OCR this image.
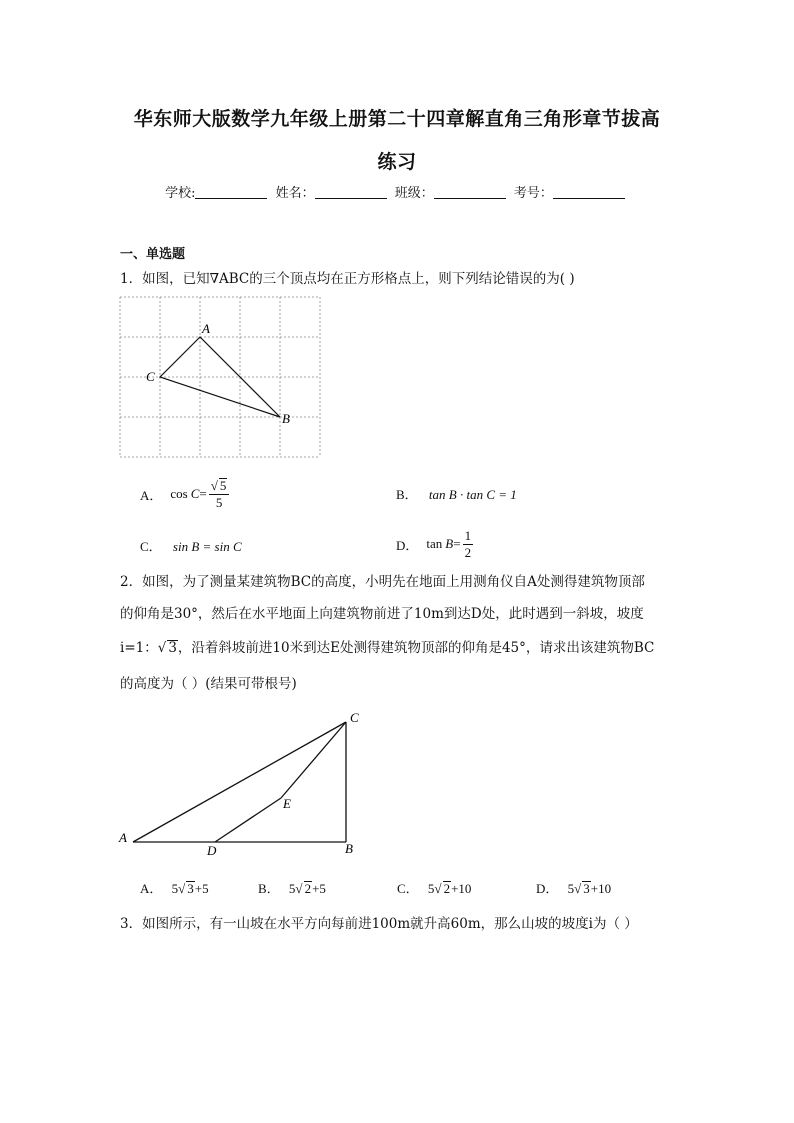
华东师大版数学九年级上册第二十四章解直角三角形章节拔高
练习
学校:	姓名：	班级：	考号：
一、单选题
1．如图，已知∇ABC的三个顶点均在正方形格点上，则下列结论错误的为( )
A
C
B
A． $\cos C = \frac{√ 5}{5}$	B． tan B · tan C = 1
C． sin B = sin C	D． $\tan B = \frac{1}{2}$
2．如图，为了测量某建筑物BC的高度，小明先在地面上用测角仪自A处测得建筑物顶部
的仰角是30°，然后在水平地面上向建筑物前进了10m到达D处，此时遇到一斜坡，坡度
i=1：√ 3，沿着斜坡前进10米到达E处测得建筑物顶部的仰角是45°，请求出该建筑物BC
的高度为（ ）(结果可带根号)
A
D	B
C
E
A． 5√ 3+5	B． 5√ 2+5	C． 5√ 2+10	D． 5√ 3+10
3．如图所示，有一山坡在水平方向每前进100m就升高60m，那么山坡的坡度i为（ ）
